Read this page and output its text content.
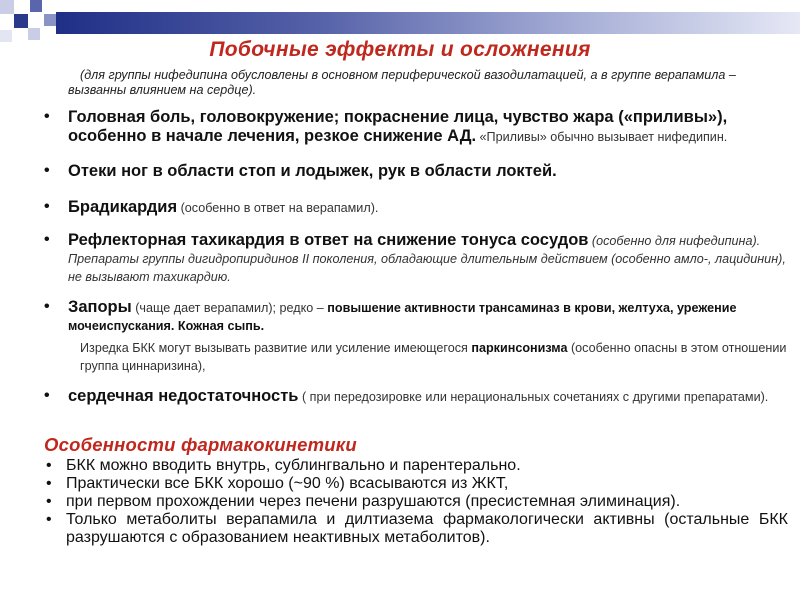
Побочные эффекты и осложнения
(для группы нифедипина обусловлены в основном периферической вазодилатацией, а в группе верапамила – вызванны влиянием на сердце).
• Головная боль, головокружение; покраснение лица, чувство жара («приливы»), особенно в начале лечения, резкое снижение АД. «Приливы» обычно вызывает нифедипин.
• Отеки ног в области стоп и лодыжек, рук в области локтей.
• Брадикардия (особенно в ответ на верапамил).
• Рефлекторная тахикардия в ответ на снижение тонуса сосудов (особенно для нифедипина). Препараты группы дигидропиридинов II поколения, обладающие длительным действием (особенно амло-, лацидинин), не вызывают тахикардию.
• Запоры (чаще дает верапамил); редко – повышение активности трансаминаз в крови, желтуха, урежение мочеиспускания. Кожная сыпь.
Изредка БКК могут вызывать развитие или усиление имеющегося паркинсонизма (особенно опасны в этом отношении группа циннаризина),
• сердечная недостаточность ( при передозировке или нерациональных сочетаниях с другими препаратами).
Особенности фармакокинетики
• БКК можно вводить внутрь, сублингвально и парентерально.
• Практически все БКК хорошо (~90 %) всасываются из ЖКТ,
• при первом прохождении через печени разрушаются (пресистемная элиминация).
• Только метаболиты верапамила и дилтиазема фармакологически активны (остальные БКК разрушаются с образованием неактивных метаболитов).
